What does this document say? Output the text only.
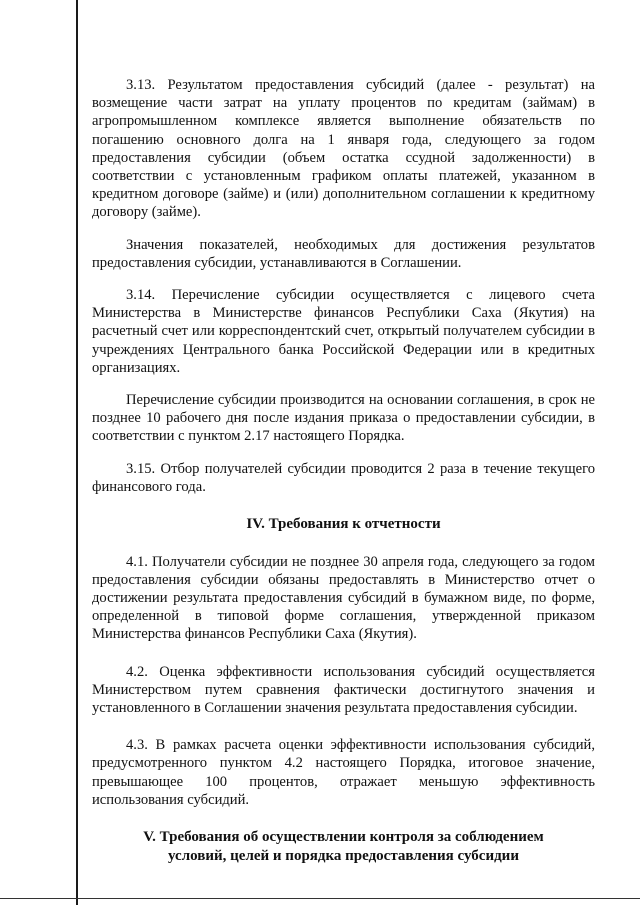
3.13. Результатом предоставления субсидий (далее - результат) на возмещение части затрат на уплату процентов по кредитам (займам) в агропромышленном комплексе является выполнение обязательств по погашению основного долга на 1 января года, следующего за годом предоставления субсидии (объем остатка ссудной задолженности) в соответствии с установленным графиком оплаты платежей, указанном в кредитном договоре (займе) и (или) дополнительном соглашении к кредитному договору (займе).

Значения показателей, необходимых для достижения результатов предоставления субсидии, устанавливаются в Соглашении.

3.14. Перечисление субсидии осуществляется с лицевого счета Министерства в Министерстве финансов Республики Саха (Якутия) на расчетный счет или корреспондентский счет, открытый получателем субсидии в учреждениях Центрального банка Российской Федерации или в кредитных организациях.

Перечисление субсидии производится на основании соглашения, в срок не позднее 10 рабочего дня после издания приказа о предоставлении субсидии, в соответствии с пунктом 2.17 настоящего Порядка.

3.15. Отбор получателей субсидии проводится 2 раза в течение текущего финансового года.

IV. Требования к отчетности

4.1. Получатели субсидии не позднее 30 апреля года, следующего за годом предоставления субсидии обязаны предоставлять в Министерство отчет о достижении результата предоставления субсидий в бумажном виде, по форме, определенной в типовой форме соглашения, утвержденной приказом Министерства финансов Республики Саха (Якутия).

4.2. Оценка эффективности использования субсидий осуществляется Министерством путем сравнения фактически достигнутого значения и установленного в Соглашении значения результата предоставления субсидии.

4.3. В рамках расчета оценки эффективности использования субсидий, предусмотренного пунктом 4.2 настоящего Порядка, итоговое значение, превышающее 100 процентов, отражает меньшую эффективность использования субсидий.

V. Требования об осуществлении контроля за соблюдением

условий, целей и порядка предоставления субсидии
